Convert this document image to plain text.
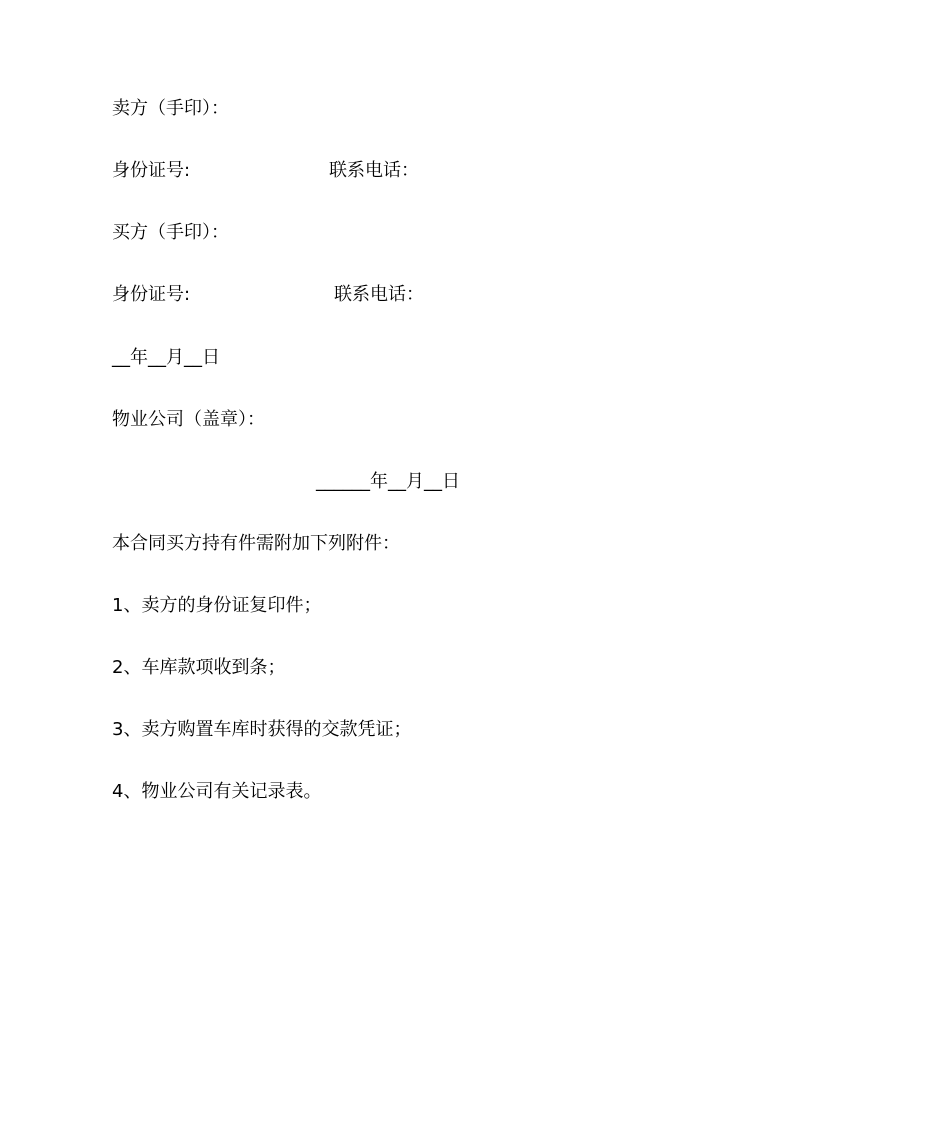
卖方（手印）：
身份证号:	联系电话：
买方（手印）：
身份证号:	联系电话：
__年__月__日
物业公司（盖章）：
______年__月__日
本合同买方持有件需附加下列附件：
1、卖方的身份证复印件；
2、车库款项收到条；
3、卖方购置车库时获得的交款凭证；
4、物业公司有关记录表。
